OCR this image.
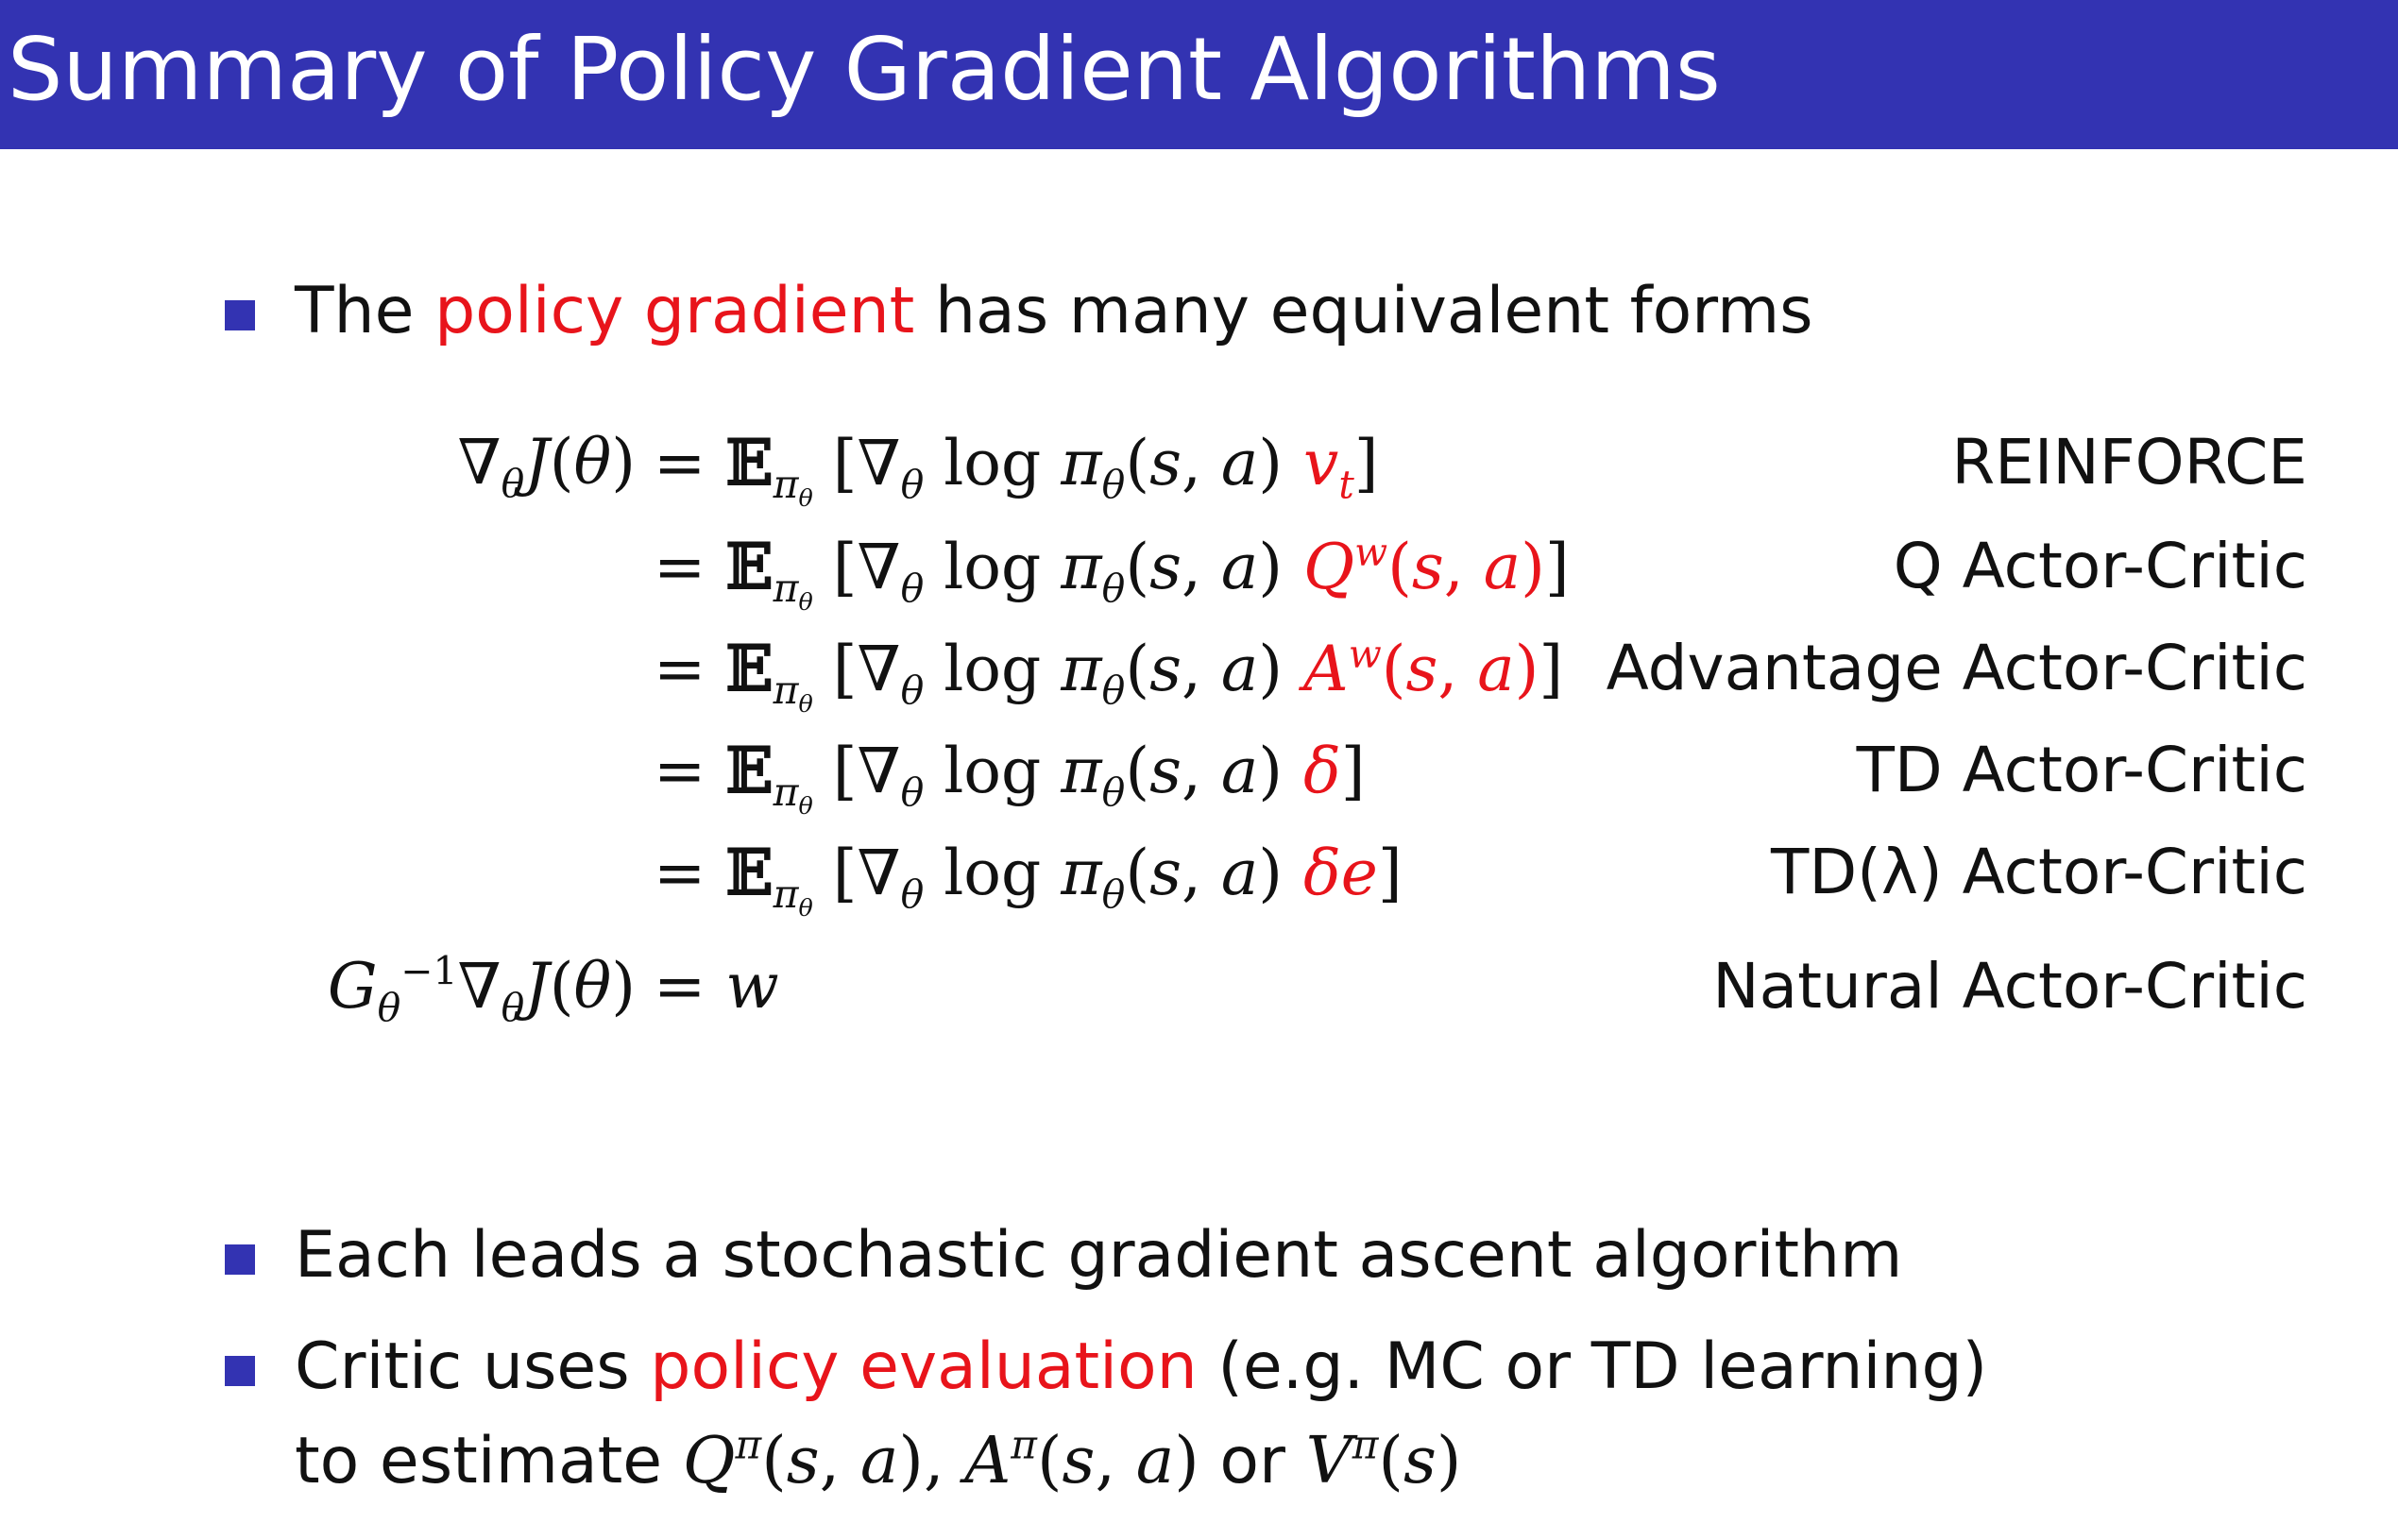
Summary of Policy Gradient Algorithms
The policy gradient has many equivalent forms
$\nabla_\theta J(\theta)$ = 𝔼$_{\pi_\theta}$ [$\nabla_\theta$ $\log \pi_\theta(s$, a) $v_t$]	REINFORCE
= 𝔼$_{\pi_\theta}$ [$\nabla_\theta$ $\log \pi_\theta(s$, a) $Q^w(s$, a)]	Q Actor-Critic
= 𝔼$_{\pi_\theta}$ [$\nabla_\theta$ $\log \pi_\theta(s$, a) $A^w(s$, a)] Advantage Actor-Critic
= 𝔼$_{\pi_\theta}$ [$\nabla_\theta$ $\log \pi_\theta(s$, a) δ]	TD Actor-Critic
= 𝔼$_{\pi_\theta}$ [$\nabla_\theta$ $\log \pi_\theta(s$, a) δe]	TD(λ) Actor-Critic
$G_\theta^{-1}\nabla_\theta J(\theta) = w$	Natural Actor-Critic
Each leads a stochastic gradient ascent algorithm
Critic uses policy evaluation (e.g. MC or TD learning)
to estimate $Q^\pi(s$, a), $A^\pi(s$, a) or $V^\pi(s)$
